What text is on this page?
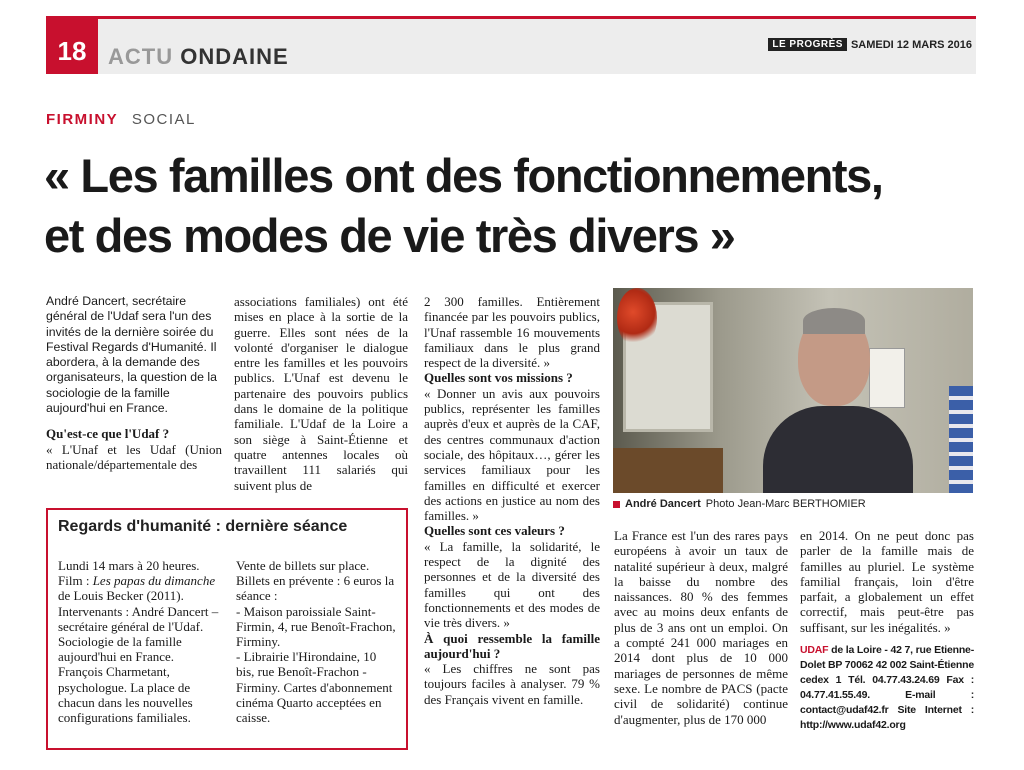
18 ACTU ONDAINE	LE PROGRÈS SAMEDI 12 MARS 2016
FIRMINY SOCIAL
« Les familles ont des fonctionnements,
et des modes de vie très divers »

André Dancert, secrétaire général de l'Udaf sera l'un des invités de la dernière soirée du Festival Regards d'Humanité. Il abordera, à la demande des organisateurs, la question de la sociologie de la famille aujourd'hui en France.

Qu'est-ce que l'Udaf ?

« L'Unaf et les Udaf (Union nationale/départementale des

associations familiales) ont été mises en place à la sortie de la guerre. Elles sont nées de la volonté d'organiser le dialogue entre les familles et les pouvoirs publics. L'Unaf est devenu le partenaire des pouvoirs publics dans le domaine de la politique familiale. L'Udaf de la Loire a son siège à Saint-Étienne et quatre antennes locales où travaillent 111 salariés qui suivent plus de

2 300 familles. Entièrement financée par les pouvoirs publics, l'Unaf rassemble 16 mouvements familiaux dans le plus grand respect de la diversité. »

Quelles sont vos missions ?

« Donner un avis aux pouvoirs publics, représenter les familles auprès d'eux et auprès de la CAF, des centres communaux d'action sociale, des hôpitaux…, gérer les services familiaux pour les familles en difficulté et exercer des actions en justice au nom des familles. »

Quelles sont ces valeurs ?

« La famille, la solidarité, le respect de la dignité des personnes et de la diversité des familles qui ont des fonctionnements et des modes de vie très divers. »

À quoi ressemble la famille aujourd'hui ?

« Les chiffres ne sont pas toujours faciles à analyser. 79 % des Français vivent en famille.

André Dancert Photo Jean-Marc BERTHOMIER

La France est l'un des rares pays européens à avoir un taux de natalité supérieur à deux, malgré la baisse du nombre des naissances. 80 % des femmes avec au moins deux enfants de plus de 3 ans ont un emploi. On a compté 241 000 mariages en 2014 dont plus de 10 000 mariages de personnes de même sexe. Le nombre de PACS (pacte civil de solidarité) continue d'augmenter, plus de 170 000

en 2014. On ne peut donc pas parler de la famille mais de familles au pluriel. Le système familial français, loin d'être parfait, a globalement un effet correctif, mais peut-être pas suffisant, sur les inégalités. »

UDAF de la Loire - 42 7, rue Etienne-Dolet BP 70062 42 002 Saint-Étienne cedex 1 Tél. 04.77.43.24.69 Fax : 04.77.41.55.49. E-mail : contact@udaf42.fr Site Internet : http://www.udaf42.org

Regards d'humanité : dernière séance
Lundi 14 mars à 20 heures. Film : Les papas du dimanche de Louis Becker (2011). Intervenants : André Dancert – secrétaire général de l'Udaf. Sociologie de la famille aujourd'hui en France. François Charmetant, psychologue. La place de chacun dans les nouvelles configurations familiales.

Vente de billets sur place.

Billets en prévente : 6 euros la séance :

- Maison paroissiale Saint-Firmin, 4, rue Benoît-Frachon, Firminy.

- Librairie l'Hirondaine, 10 bis, rue Benoît-Frachon - Firminy. Cartes d'abonnement cinéma Quarto acceptées en caisse.
